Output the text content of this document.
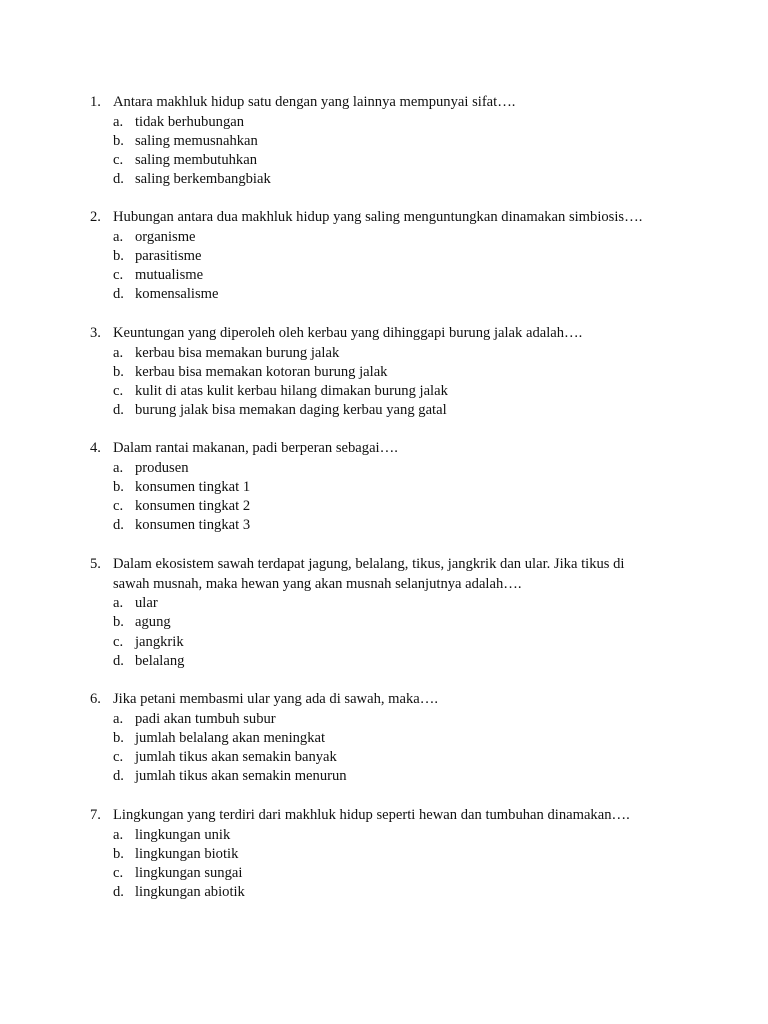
1. Antara makhluk hidup satu dengan yang lainnya mempunyai sifat….
a. tidak berhubungan
b. saling memusnahkan
c. saling membutuhkan
d. saling berkembangbiak
2. Hubungan antara dua makhluk hidup yang saling menguntungkan dinamakan simbiosis….
a. organisme
b. parasitisme
c. mutualisme
d. komensalisme
3. Keuntungan yang diperoleh oleh kerbau yang dihinggapi burung jalak adalah….
a. kerbau bisa memakan burung jalak
b. kerbau bisa memakan kotoran burung jalak
c. kulit di atas kulit kerbau hilang dimakan burung jalak
d. burung jalak bisa memakan daging kerbau yang gatal
4. Dalam rantai makanan, padi berperan sebagai….
a. produsen
b. konsumen tingkat 1
c. konsumen tingkat 2
d. konsumen tingkat 3
5. Dalam ekosistem sawah terdapat jagung, belalang, tikus, jangkrik dan ular. Jika tikus di
sawah musnah, maka hewan yang akan musnah selanjutnya adalah….
a. ular
b. agung
c. jangkrik
d. belalang
6. Jika petani membasmi ular yang ada di sawah, maka….
a. padi akan tumbuh subur
b. jumlah belalang akan meningkat
c. jumlah tikus akan semakin banyak
d. jumlah tikus akan semakin menurun
7. Lingkungan yang terdiri dari makhluk hidup seperti hewan dan tumbuhan dinamakan….
a. lingkungan unik
b. lingkungan biotik
c. lingkungan sungai
d. lingkungan abiotik
